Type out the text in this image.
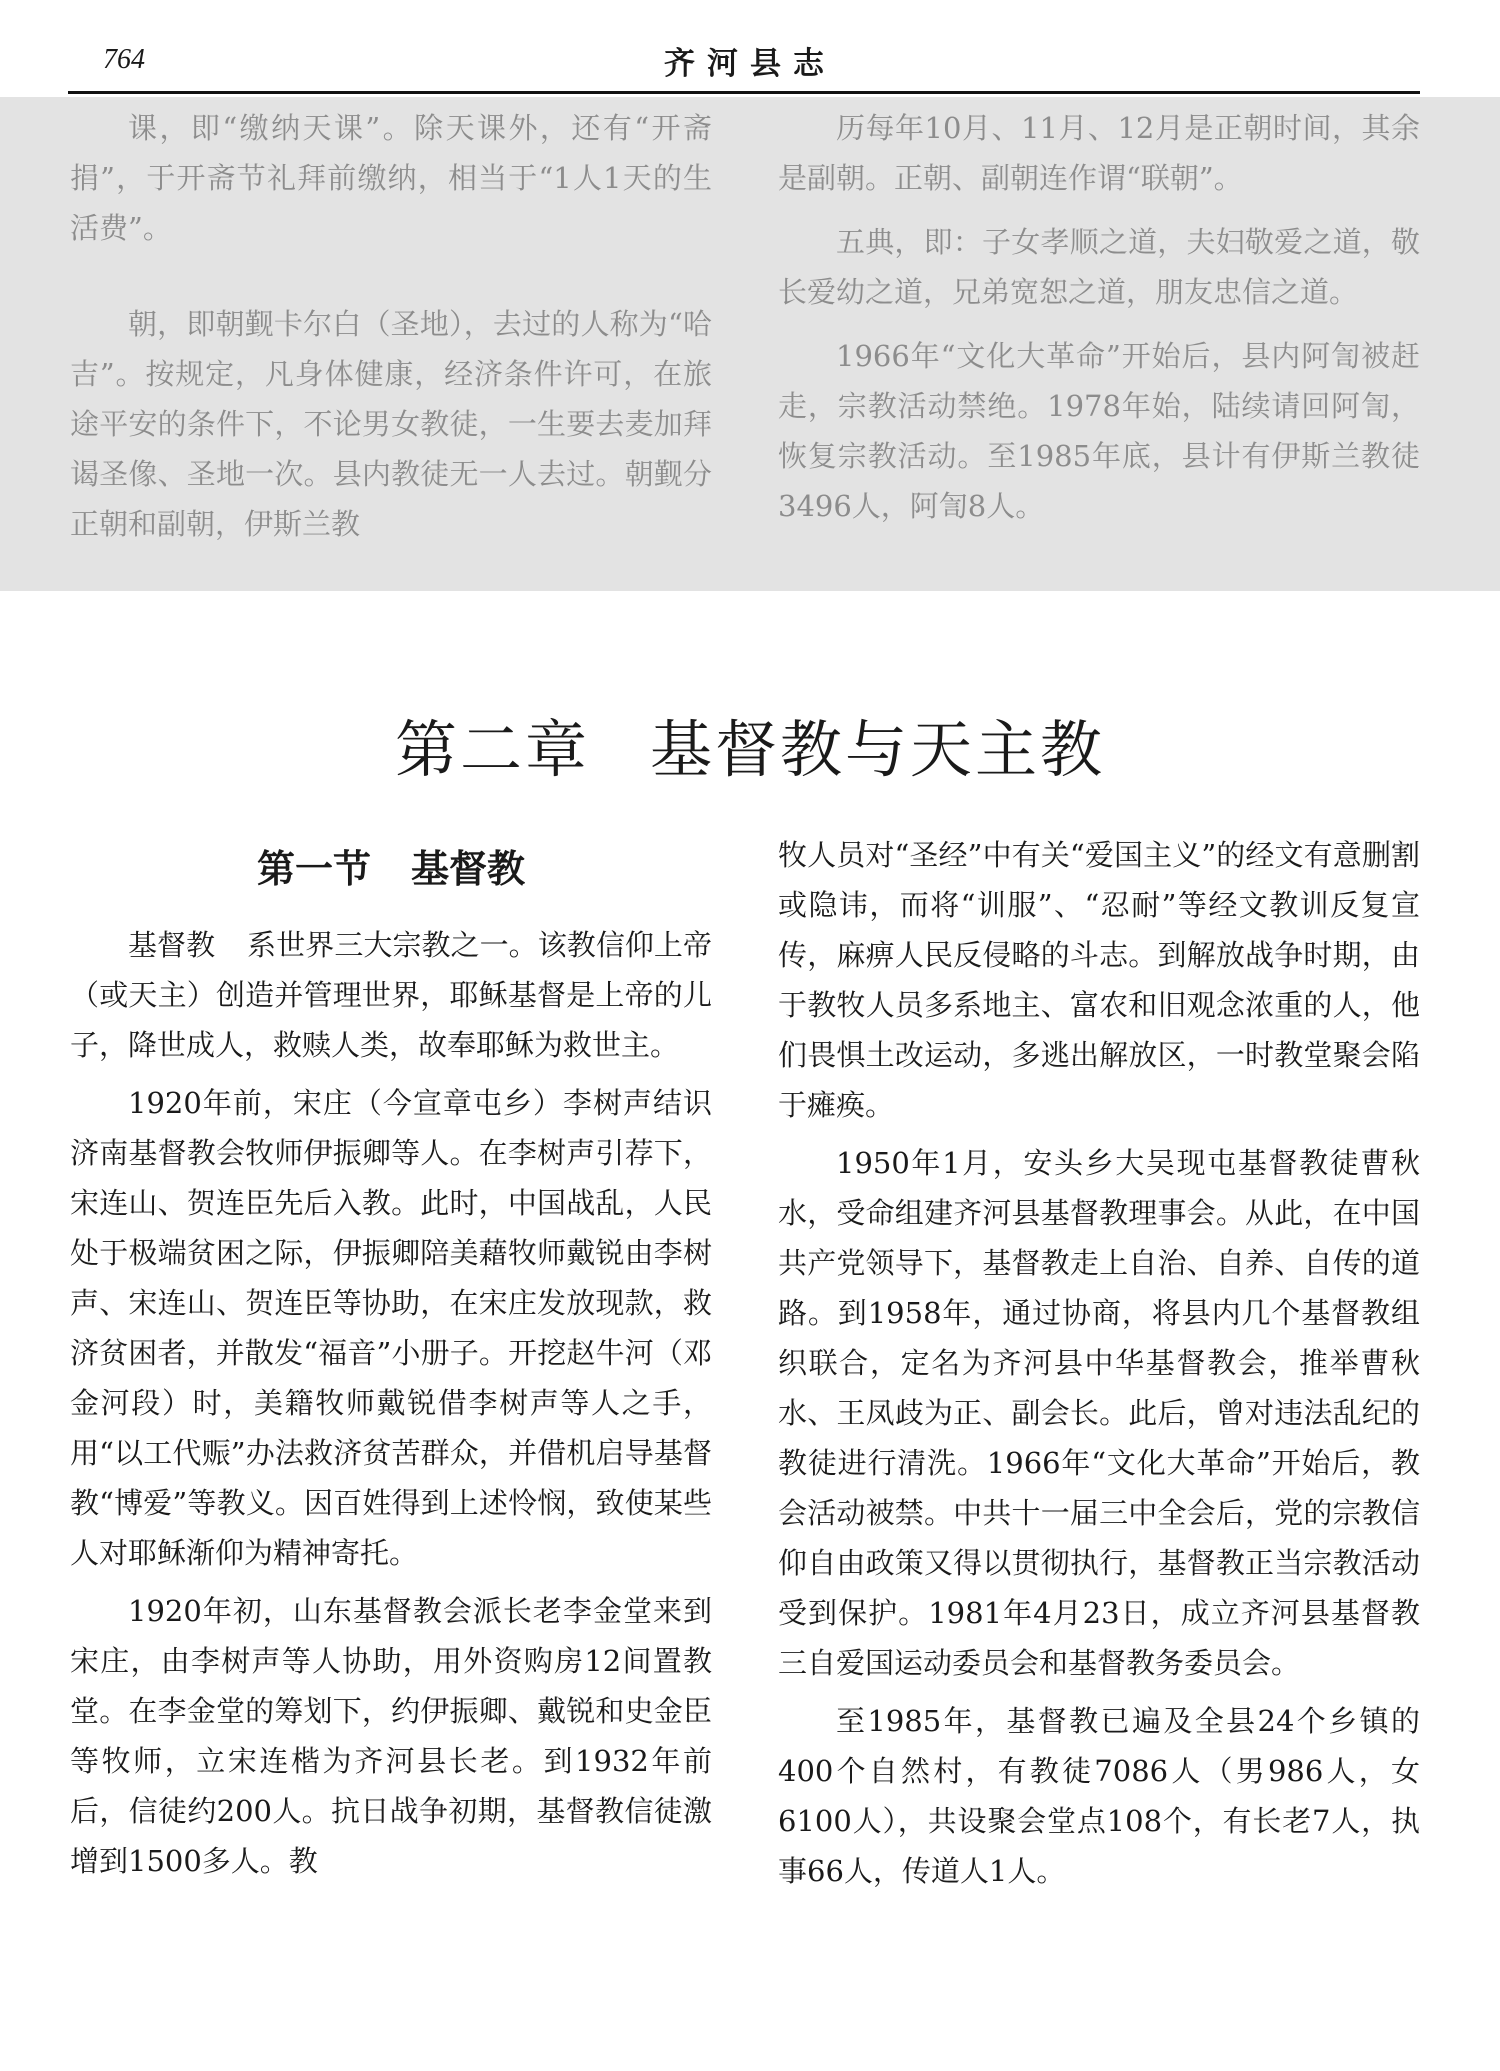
764	齐河县志

课，即“缴纳天课”。除天课外，还有“开斋捐”，于开斋节礼拜前缴纳，相当于“1人1天的生活费”。

朝，即朝觐卡尔白（圣地），去过的人称为“哈吉”。按规定，凡身体健康，经济条件许可，在旅途平安的条件下，不论男女教徒，一生要去麦加拜谒圣像、圣地一次。县内教徒无一人去过。朝觐分正朝和副朝，伊斯兰教

历每年10月、11月、12月是正朝时间，其余是副朝。正朝、副朝连作谓“联朝”。

五典，即：子女孝顺之道，夫妇敬爱之道，敬长爱幼之道，兄弟宽恕之道，朋友忠信之道。

1966年“文化大革命”开始后，县内阿訇被赶走，宗教活动禁绝。1978年始，陆续请回阿訇，恢复宗教活动。至1985年底，县计有伊斯兰教徒3496人，阿訇8人。

第二章 基督教与天主教
第一节 基督教

基督教 系世界三大宗教之一。该教信仰上帝（或天主）创造并管理世界，耶稣基督是上帝的儿子，降世成人，救赎人类，故奉耶稣为救世主。

1920年前，宋庄（今宣章屯乡）李树声结识济南基督教会牧师伊振卿等人。在李树声引荐下，宋连山、贺连臣先后入教。此时，中国战乱，人民处于极端贫困之际，伊振卿陪美藉牧师戴锐由李树声、宋连山、贺连臣等协助，在宋庄发放现款，救济贫困者，并散发“福音”小册子。开挖赵牛河（邓金河段）时，美籍牧师戴锐借李树声等人之手，用“以工代赈”办法救济贫苦群众，并借机启导基督教“博爱”等教义。因百姓得到上述怜悯，致使某些人对耶稣渐仰为精神寄托。

1920年初，山东基督教会派长老李金堂来到宋庄，由李树声等人协助，用外资购房12间置教堂。在李金堂的筹划下，约伊振卿、戴锐和史金臣等牧师，立宋连楷为齐河县长老。到1932年前后，信徒约200人。抗日战争初期，基督教信徒激增到1500多人。教

牧人员对“圣经”中有关“爱国主义”的经文有意删割或隐讳，而将“训服”、“忍耐”等经文教训反复宣传，麻痹人民反侵略的斗志。到解放战争时期，由于教牧人员多系地主、富农和旧观念浓重的人，他们畏惧土改运动，多逃出解放区，一时教堂聚会陷于瘫痪。

1950年1月，安头乡大吴现屯基督教徒曹秋水，受命组建齐河县基督教理事会。从此，在中国共产党领导下，基督教走上自治、自养、自传的道路。到1958年，通过协商，将县内几个基督教组织联合，定名为齐河县中华基督教会，推举曹秋水、王凤歧为正、副会长。此后，曾对违法乱纪的教徒进行清洗。1966年“文化大革命”开始后，教会活动被禁。中共十一届三中全会后，党的宗教信仰自由政策又得以贯彻执行，基督教正当宗教活动受到保护。1981年4月23日，成立齐河县基督教三自爱国运动委员会和基督教务委员会。

至1985年，基督教已遍及全县24个乡镇的400个自然村，有教徒7086人（男986人，女6100人），共设聚会堂点108个，有长老7人，执事66人，传道人1人。
